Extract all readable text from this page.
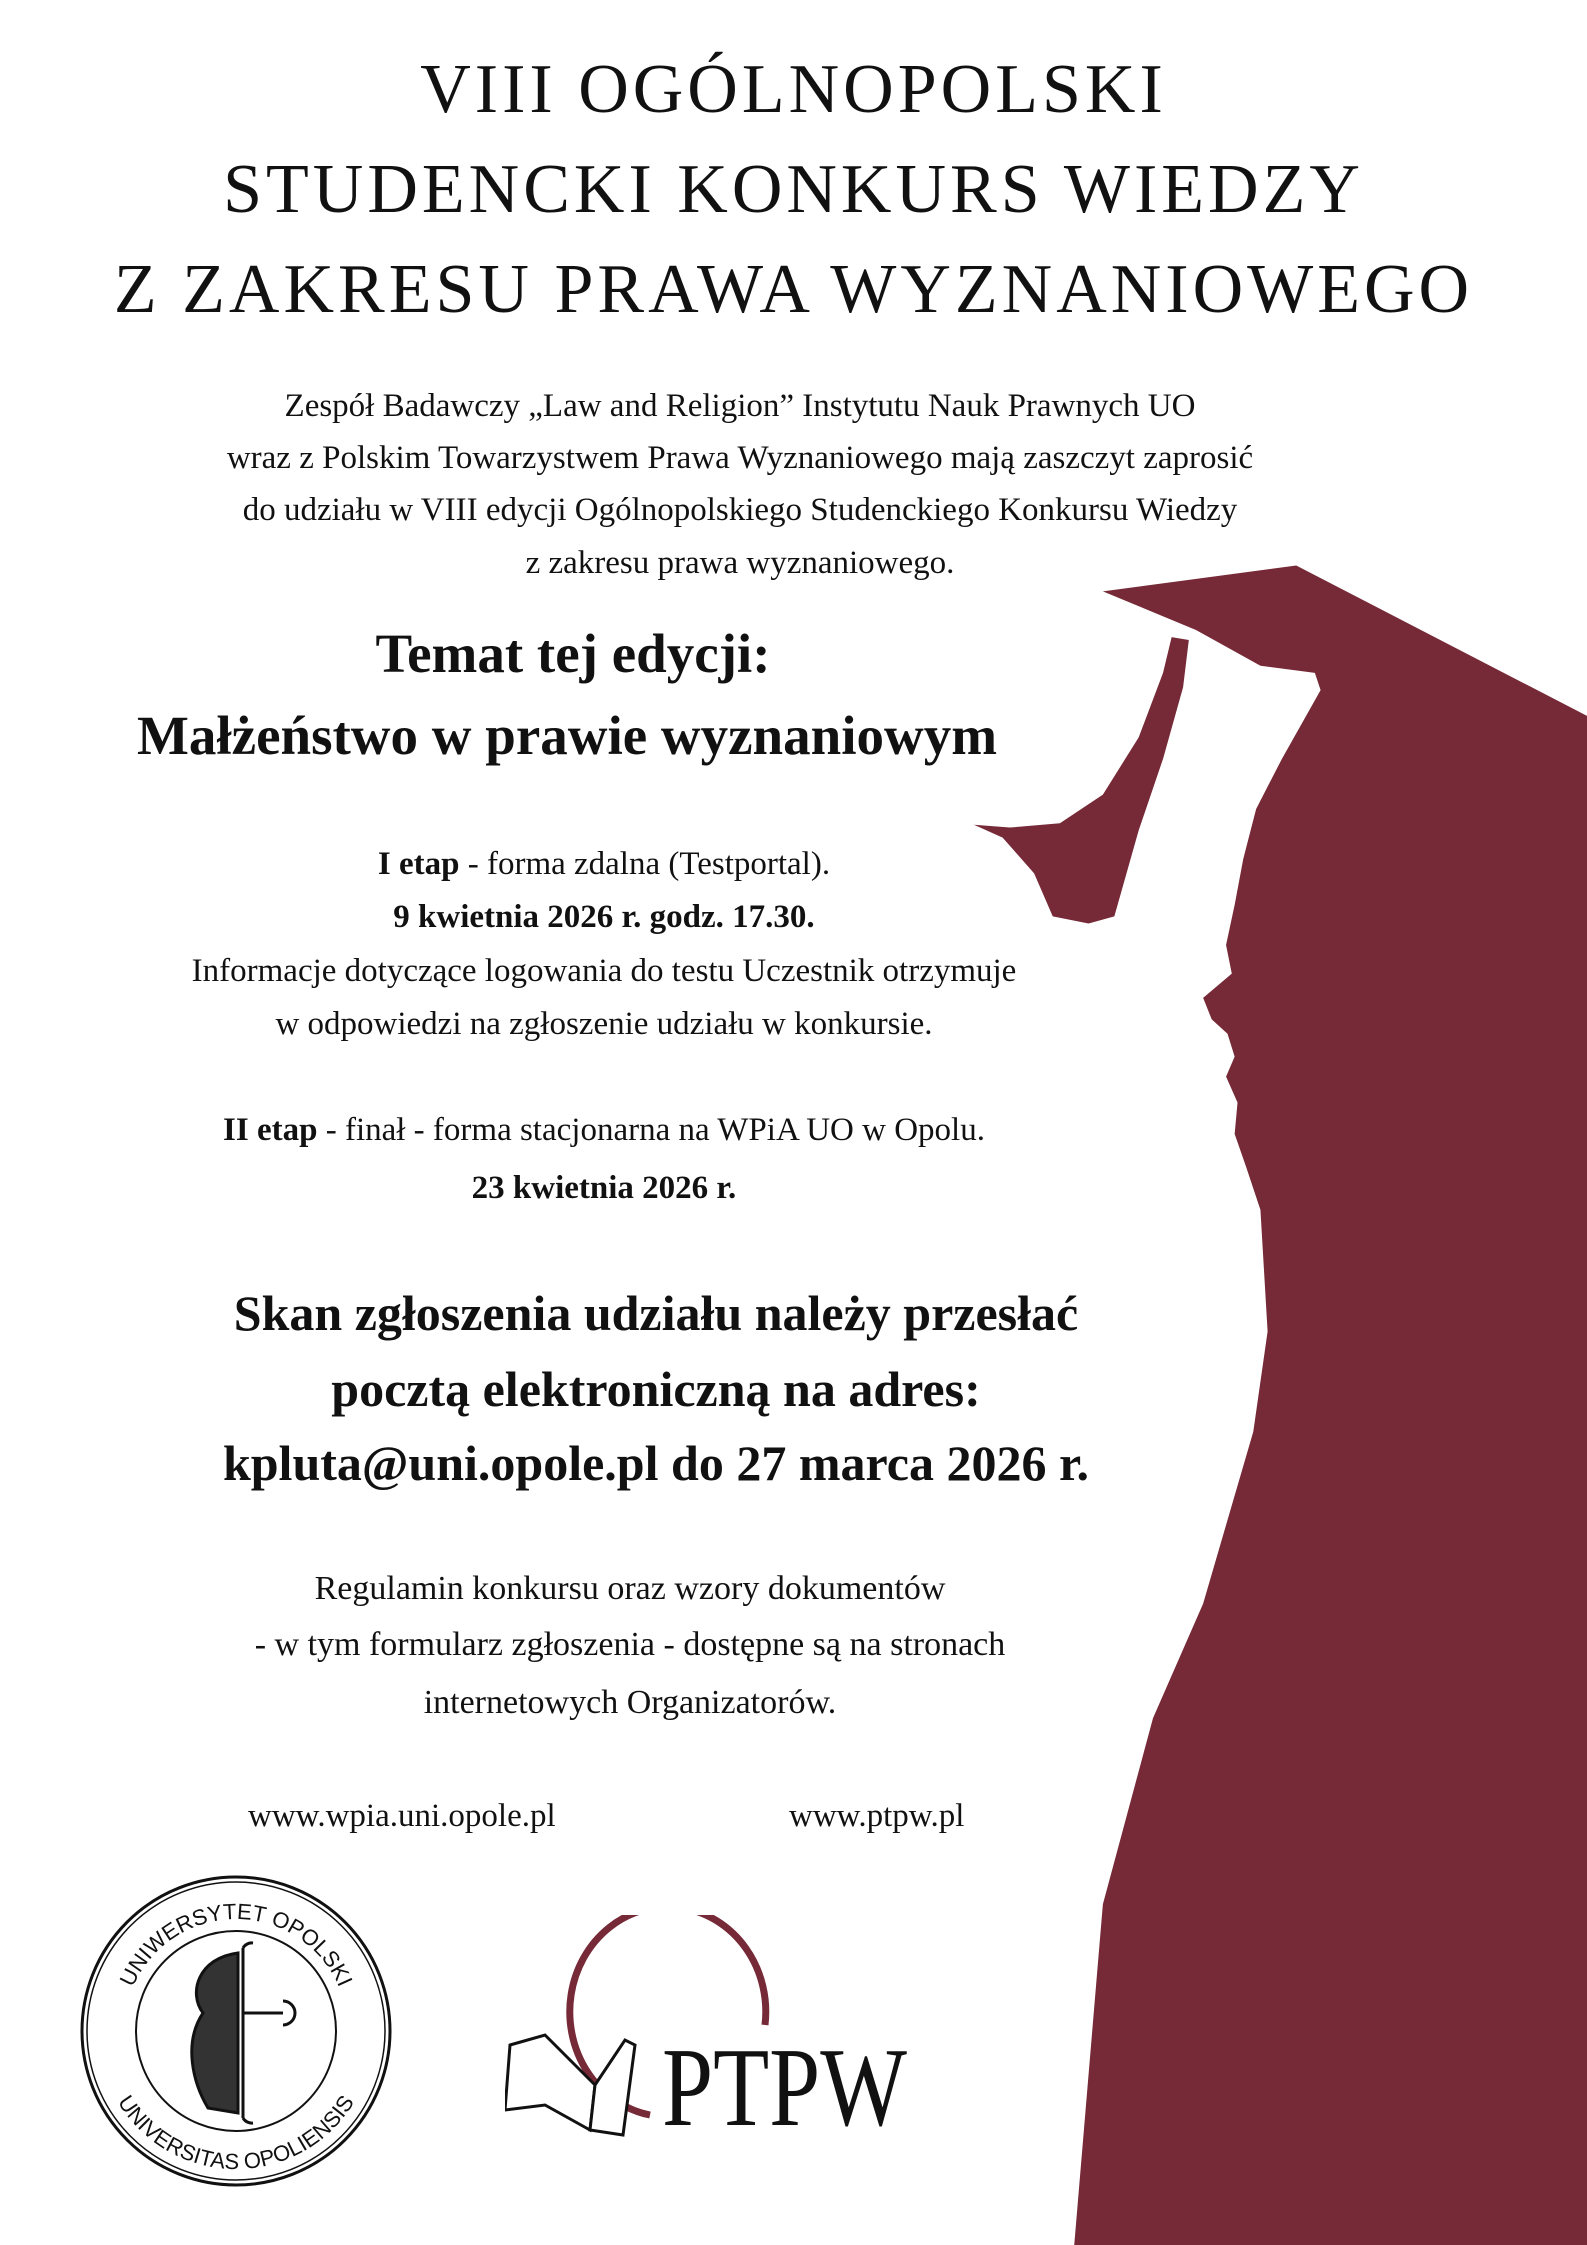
VIII OGÓLNOPOLSKI
STUDENCKI KONKURS WIEDZY
Z ZAKRESU PRAWA WYZNANIOWEGO
Zespół Badawczy „Law and Religion” Instytutu Nauk Prawnych UO
wraz z Polskim Towarzystwem Prawa Wyznaniowego mają zaszczyt zaprosić
do udziału w VIII edycji Ogólnopolskiego Studenckiego Konkursu Wiedzy
z zakresu prawa wyznaniowego.
Temat tej edycji:
Małżeństwo w prawie wyznaniowym
I etap - forma zdalna (Testportal).
9 kwietnia 2026 r. godz. 17.30.
Informacje dotyczące logowania do testu Uczestnik otrzymuje
w odpowiedzi na zgłoszenie udziału w konkursie.
II etap - finał - forma stacjonarna na WPiA UO w Opolu.
23 kwietnia 2026 r.
Skan zgłoszenia udziału należy przesłać
pocztą elektroniczną na adres:
kpluta@uni.opole.pl do 27 marca 2026 r.
Regulamin konkursu oraz wzory dokumentów
- w tym formularz zgłoszenia - dostępne są na stronach
internetowych Organizatorów.
www.wpia.uni.opole.pl	www.ptpw.pl
UNIWERSYTET OPOLSKI
UNIVERSITAS OPOLIENSIS	PTPW
